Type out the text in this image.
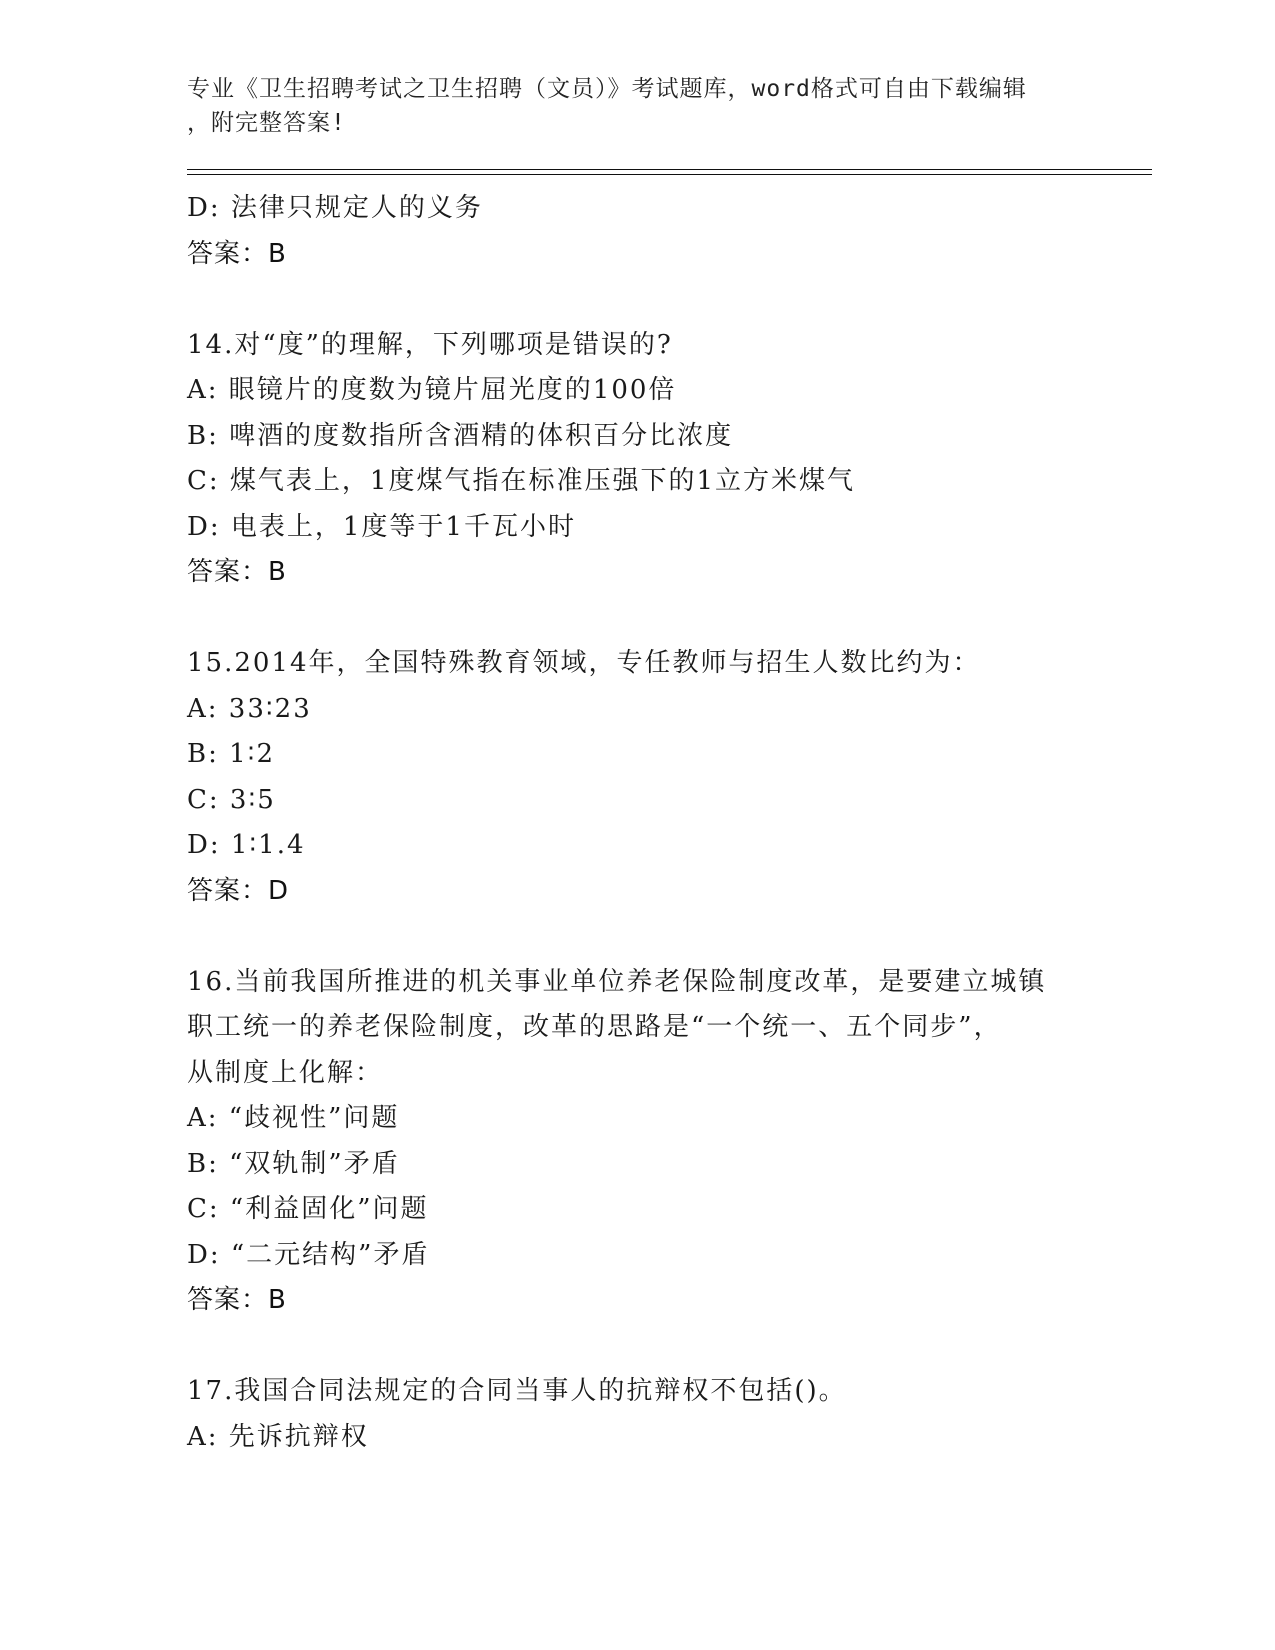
专业《卫生招聘考试之卫生招聘（文员）》考试题库，word格式可自由下载编辑
，附完整答案!
D: 法律只规定人的义务
答案：B
14.对“度”的理解，下列哪项是错误的?
A: 眼镜片的度数为镜片屈光度的100倍
B: 啤酒的度数指所含酒精的体积百分比浓度
C: 煤气表上，1度煤气指在标准压强下的1立方米煤气
D: 电表上，1度等于1千瓦小时
答案：B
15.2014年，全国特殊教育领域，专任教师与招生人数比约为：
A: 33∶23
B: 1∶2
C: 3∶5
D: 1∶1.4
答案：D
16.当前我国所推进的机关事业单位养老保险制度改革，是要建立城镇
职工统一的养老保险制度，改革的思路是“一个统一、五个同步”，
从制度上化解：
A: “歧视性”问题
B: “双轨制”矛盾
C: “利益固化”问题
D: “二元结构”矛盾
答案：B
17.我国合同法规定的合同当事人的抗辩权不包括()。
A: 先诉抗辩权
